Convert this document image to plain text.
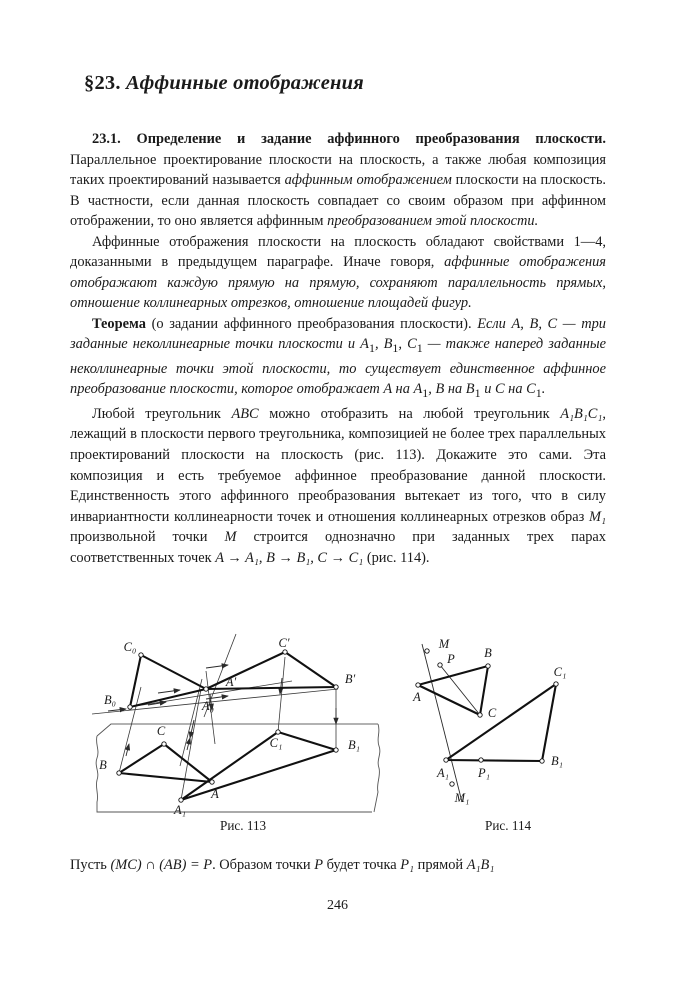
§23. Аффинные отображения

23.1. Определение и задание аффинного преобразования плоскости. Параллельное проектирование плоскости на плоскость, а также любая композиция таких проектирований называется аффинным отображением плоскости на плоскость. В частности, если данная плоскость совпадает со своим образом при аффинном отображении, то оно является аффинным преобразованием этой плоскости.

Аффинные отображения плоскости на плоскость обладают свойствами 1—4, доказанными в предыдущем параграфе. Иначе говоря, аффинные отображения отображают каждую прямую на прямую, сохраняют параллельность прямых, отношение коллинеарных отрезков, отношение площадей фигур.

Теорема (о задании аффинного преобразования плоскости). Если A, B, C — три заданные неколлинеарные точки плоскости и $A_1$, $B_1$, $C_1$ — также наперед заданные неколлинеарные точки этой плоскости, то существует единственное аффинное преобразование плоскости, которое отображает A на $A_1$, B на $B_1$ и C на $C_1$.

Любой треугольник ABC можно отобразить на любой треугольник A₁B₁C₁, лежащий в плоскости первого треугольника, композицией не более трех параллельных проектирований плоскости на плоскость (рис. 113). Докажите это сами. Эта композиция и есть требуемое аффинное преобразование данной плоскости. Единственность этого аффинного преобразования вытекает из того, что в силу инвариантности коллинеарности точек и отношения коллинеарных отрезков образ M₁ произвольной точки M строится однозначно при заданных трех парах соответственных точек A → A₁, B → B₁, C → C₁ (рис. 114).

C₀
B₀	A₀
C′
A′	B′
B
C
A
A₁
C₁	B₁
M
P
A
B
C
C₁
A₁ P₁
B₁
M₁
Рис. 113	Рис. 114
Пусть (MC) ∩ (AB) = P. Образом точки P будет точка P₁ прямой A₁B₁
246
